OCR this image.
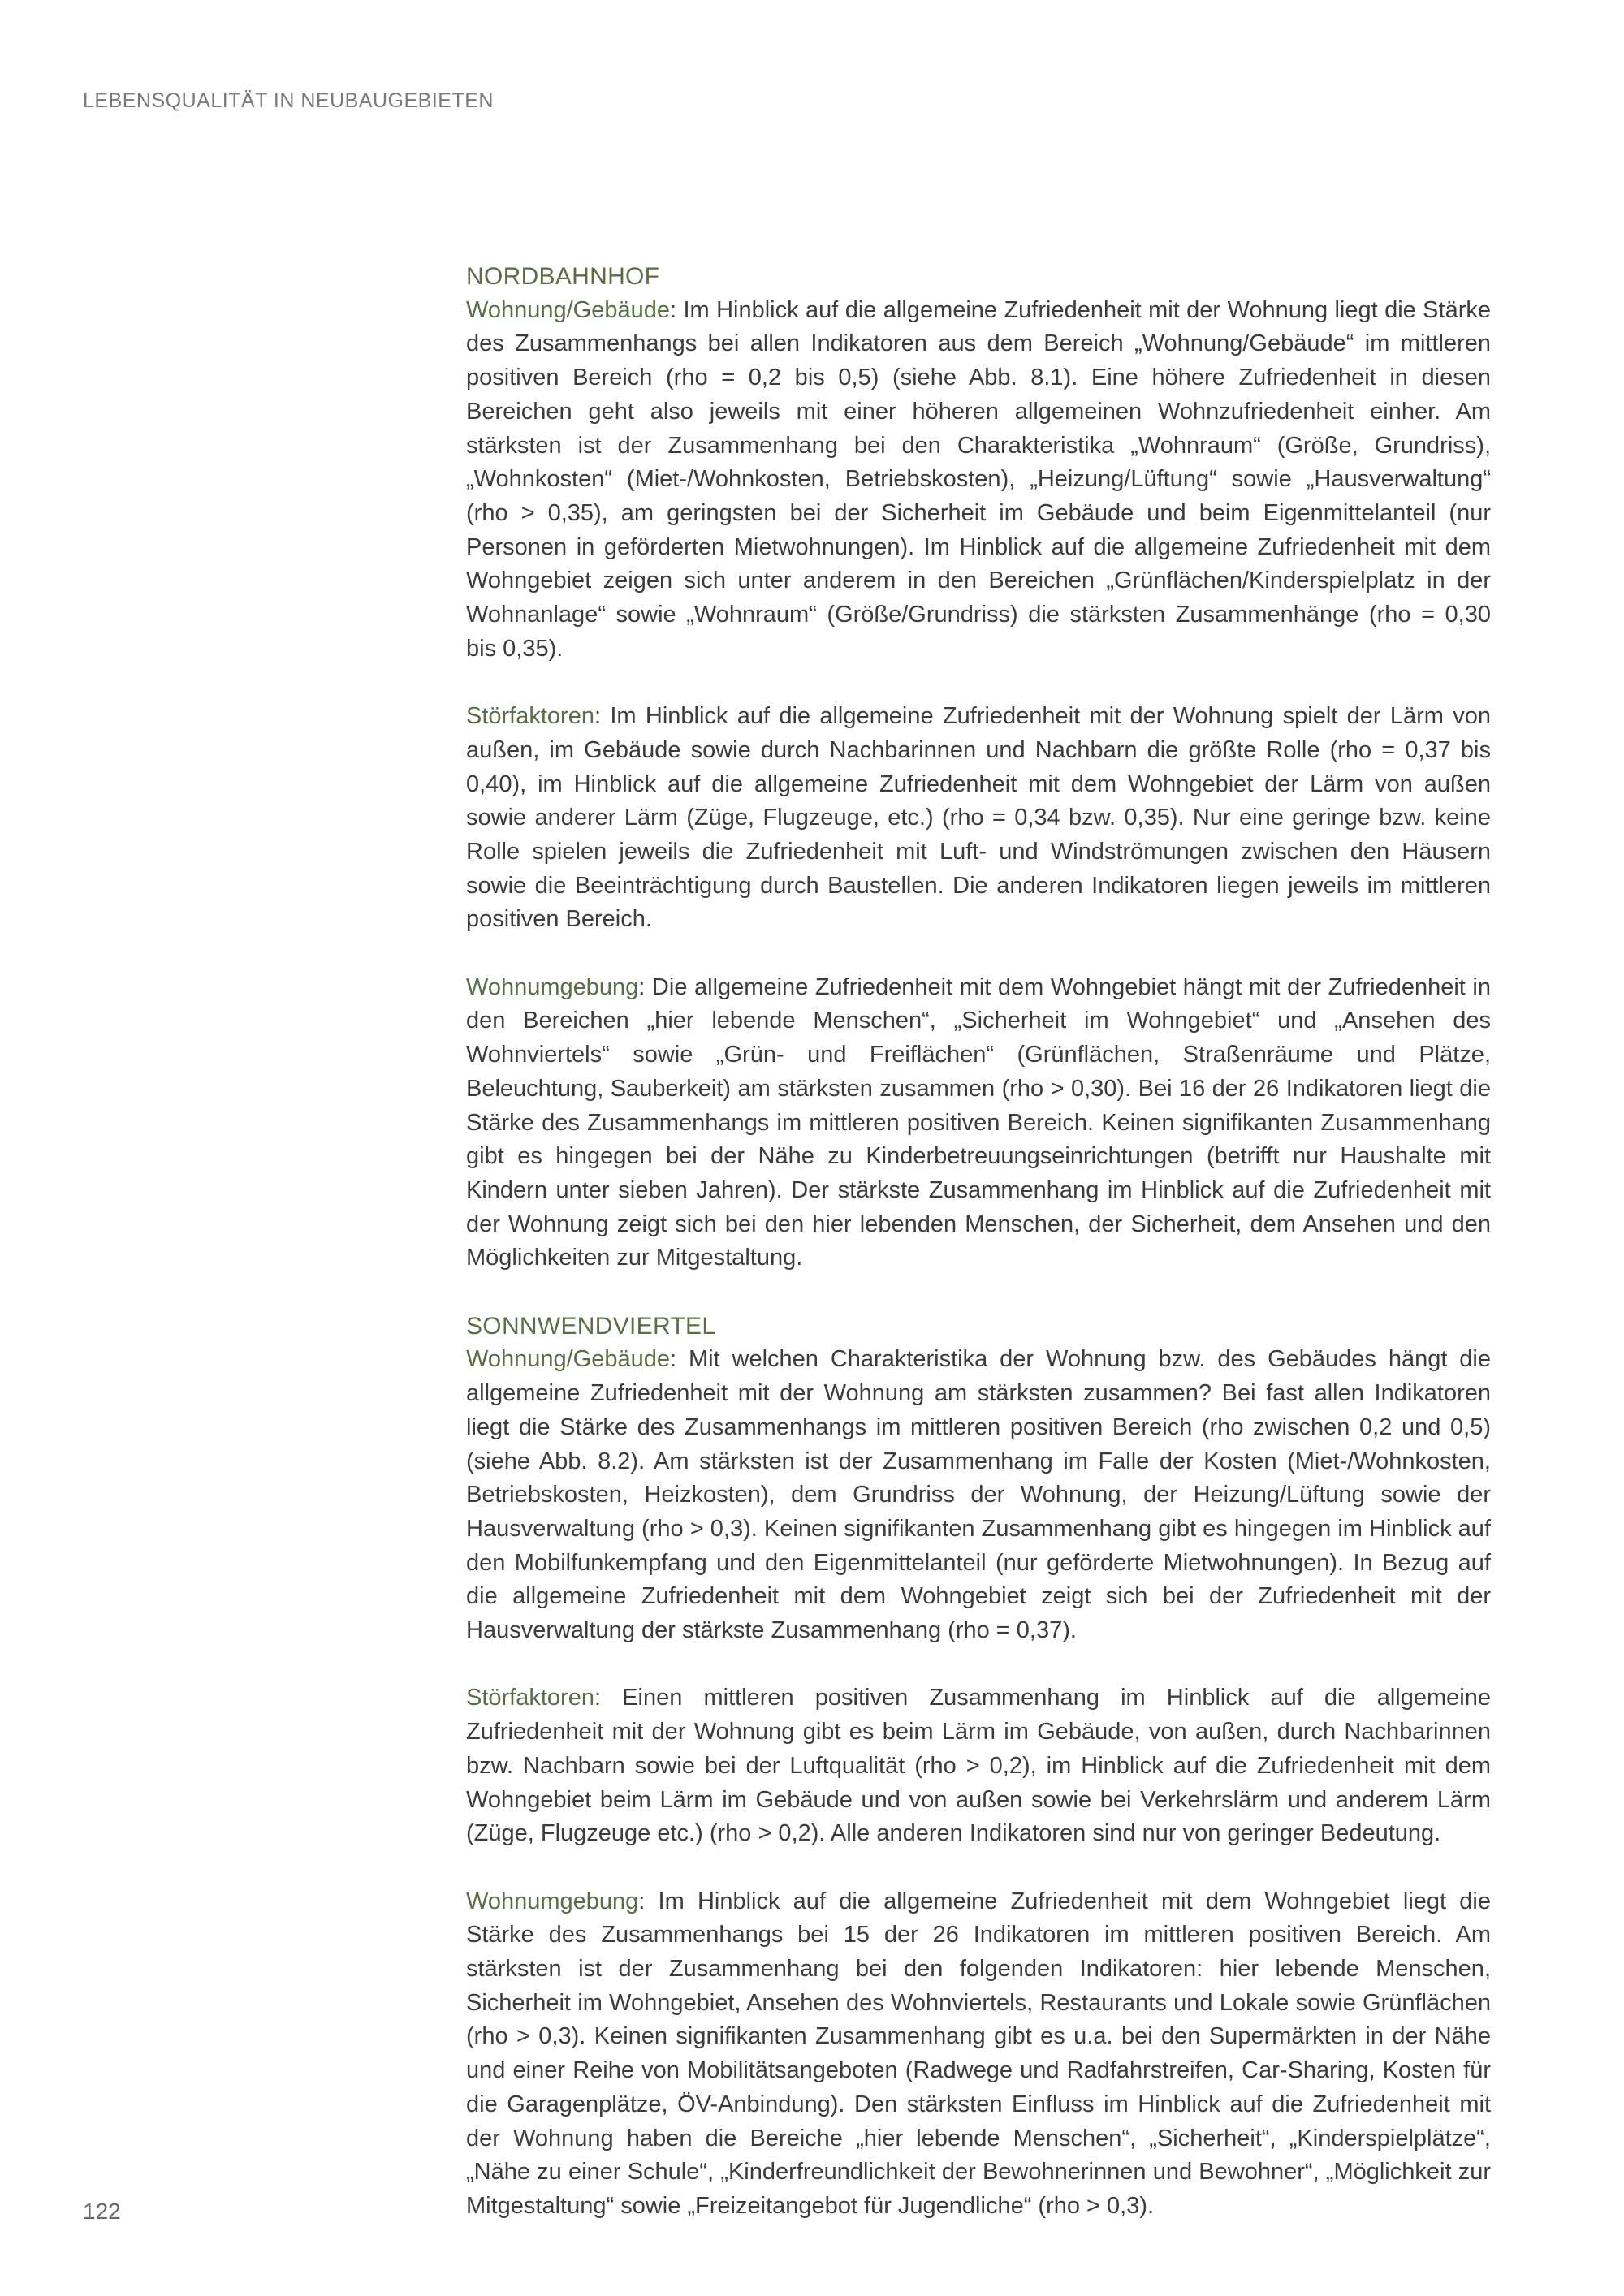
LEBENSQUALITÄT IN NEUBAUGEBIETEN

NORDBAHNHOF

Wohnung/Gebäude: Im Hinblick auf die allgemeine Zufriedenheit mit der Wohnung liegt die Stärke des Zusammenhangs bei allen Indikatoren aus dem Bereich „Wohnung/Gebäude“ im mittleren positiven Bereich (rho = 0,2 bis 0,5) (siehe Abb. 8.1). Eine höhere Zufriedenheit in diesen Bereichen geht also jeweils mit einer höheren allgemeinen Wohnzufriedenheit einher. Am stärksten ist der Zusammenhang bei den Charakteristika „Wohnraum“ (Größe, Grundriss), „Wohnkosten“ (Miet-/Wohnkosten, Betriebskosten), „Heizung/Lüftung“ sowie „Hausverwaltung“ (rho > 0,35), am geringsten bei der Sicherheit im Gebäude und beim Eigenmittelanteil (nur Personen in geförderten Mietwohnungen). Im Hinblick auf die allgemeine Zufriedenheit mit dem Wohngebiet zeigen sich unter anderem in den Bereichen „Grünflächen/Kinderspielplatz in der Wohnanlage“ sowie „Wohnraum“ (Größe/Grundriss) die stärksten Zusammenhänge (rho = 0,30 bis 0,35).

Störfaktoren: Im Hinblick auf die allgemeine Zufriedenheit mit der Wohnung spielt der Lärm von außen, im Gebäude sowie durch Nachbarinnen und Nachbarn die größte Rolle (rho = 0,37 bis 0,40), im Hinblick auf die allgemeine Zufriedenheit mit dem Wohngebiet der Lärm von außen sowie anderer Lärm (Züge, Flugzeuge, etc.) (rho = 0,34 bzw. 0,35). Nur eine geringe bzw. keine Rolle spielen jeweils die Zufriedenheit mit Luft- und Windströmungen zwischen den Häusern sowie die Beeinträchtigung durch Baustellen. Die anderen Indikatoren liegen jeweils im mittleren positiven Bereich.

Wohnumgebung: Die allgemeine Zufriedenheit mit dem Wohngebiet hängt mit der Zufriedenheit in den Bereichen „hier lebende Menschen“, „Sicherheit im Wohngebiet“ und „Ansehen des Wohnviertels“ sowie „Grün- und Freiflächen“ (Grünflächen, Straßenräume und Plätze, Beleuchtung, Sauberkeit) am stärksten zusammen (rho > 0,30). Bei 16 der 26 Indikatoren liegt die Stärke des Zusammenhangs im mittleren positiven Bereich. Keinen signifikanten Zusammenhang gibt es hingegen bei der Nähe zu Kinderbetreuungseinrichtungen (betrifft nur Haushalte mit Kindern unter sieben Jahren). Der stärkste Zusammenhang im Hinblick auf die Zufriedenheit mit der Wohnung zeigt sich bei den hier lebenden Menschen, der Sicherheit, dem Ansehen und den Möglichkeiten zur Mitgestaltung.

SONNWENDVIERTEL

Wohnung/Gebäude: Mit welchen Charakteristika der Wohnung bzw. des Gebäudes hängt die allgemeine Zufriedenheit mit der Wohnung am stärksten zusammen? Bei fast allen Indikatoren liegt die Stärke des Zusammenhangs im mittleren positiven Bereich (rho zwischen 0,2 und 0,5) (siehe Abb. 8.2). Am stärksten ist der Zusammenhang im Falle der Kosten (Miet-/Wohnkosten, Betriebskosten, Heizkosten), dem Grundriss der Wohnung, der Heizung/Lüftung sowie der Hausverwaltung (rho > 0,3). Keinen signifikanten Zusammenhang gibt es hingegen im Hinblick auf den Mobilfunkempfang und den Eigenmittelanteil (nur geförderte Mietwohnungen). In Bezug auf die allgemeine Zufriedenheit mit dem Wohngebiet zeigt sich bei der Zufriedenheit mit der Hausverwaltung der stärkste Zusammenhang (rho = 0,37).

Störfaktoren: Einen mittleren positiven Zusammenhang im Hinblick auf die allgemeine Zufriedenheit mit der Wohnung gibt es beim Lärm im Gebäude, von außen, durch Nachbarinnen bzw. Nachbarn sowie bei der Luftqualität (rho > 0,2), im Hinblick auf die Zufriedenheit mit dem Wohngebiet beim Lärm im Gebäude und von außen sowie bei Verkehrslärm und anderem Lärm (Züge, Flugzeuge etc.) (rho > 0,2). Alle anderen Indikatoren sind nur von geringer Bedeutung.

Wohnumgebung: Im Hinblick auf die allgemeine Zufriedenheit mit dem Wohngebiet liegt die Stärke des Zusammenhangs bei 15 der 26 Indikatoren im mittleren positiven Bereich. Am stärksten ist der Zusammenhang bei den folgenden Indikatoren: hier lebende Menschen, Sicherheit im Wohngebiet, Ansehen des Wohnviertels, Restaurants und Lokale sowie Grünflächen (rho > 0,3). Keinen signifikanten Zusammenhang gibt es u.a. bei den Supermärkten in der Nähe und einer Reihe von Mobilitätsangeboten (Radwege und Radfahrstreifen, Car-Sharing, Kosten für die Garagenplätze, ÖV-Anbindung). Den stärksten Einfluss im Hinblick auf die Zufriedenheit mit der Wohnung haben die Bereiche „hier lebende Menschen“, „Sicherheit“, „Kinderspielplätze“, „Nähe zu einer Schule“, „Kinderfreundlichkeit der Bewohnerinnen und Bewohner“, „Möglichkeit zur Mitgestaltung“ sowie „Freizeitangebot für Jugendliche“ (rho > 0,3).

122
